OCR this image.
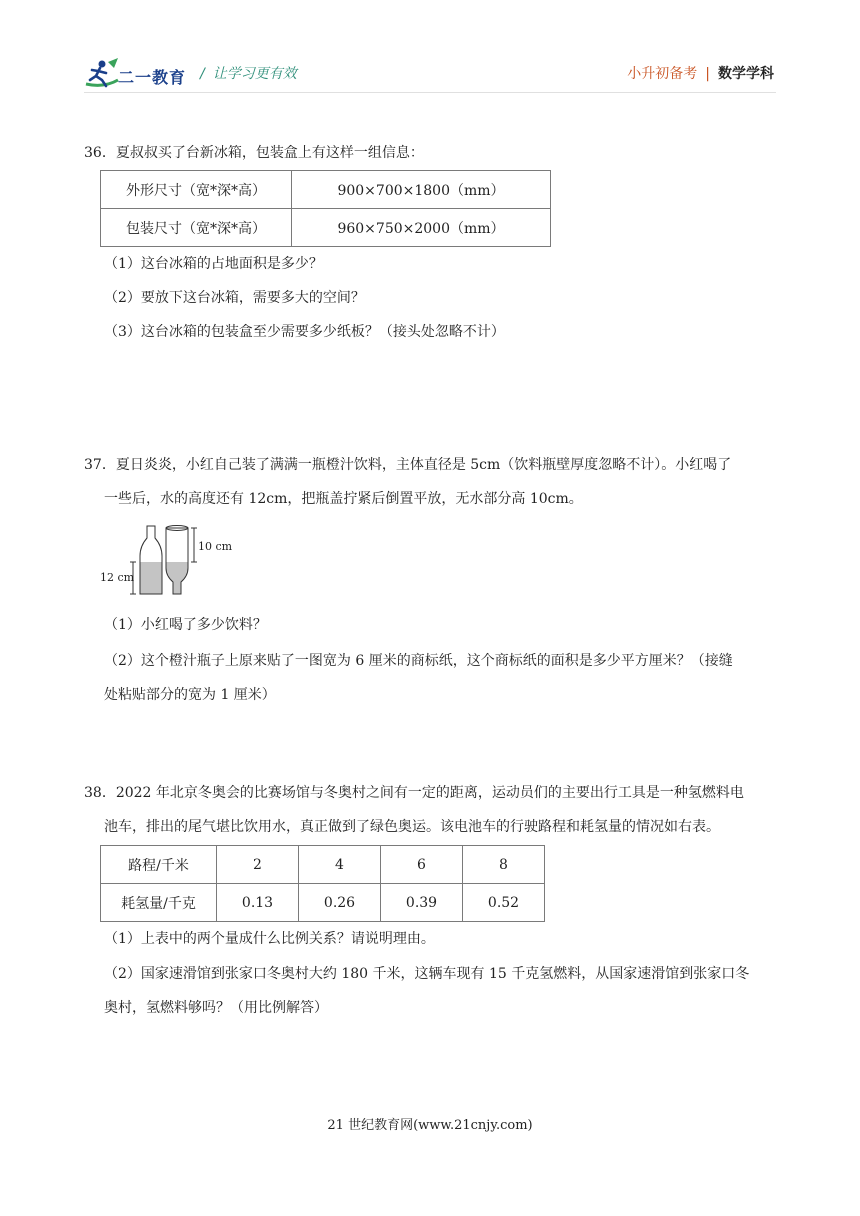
二一教育 / 让学习更有效	小升初备考 | 数学学科
36．夏叔叔买了台新冰箱，包装盒上有这样一组信息：
外形尺寸（宽*深*高）	900×700×1800（mm）
包装尺寸（宽*深*高）	960×750×2000（mm）
（1）这台冰箱的占地面积是多少？
（2）要放下这台冰箱，需要多大的空间？
（3）这台冰箱的包装盒至少需要多少纸板？（接头处忽略不计）
37．夏日炎炎，小红自己装了满满一瓶橙汁饮料，主体直径是 5cm（饮料瓶壁厚度忽略不计）。小红喝了
一些后，水的高度还有 12cm，把瓶盖拧紧后倒置平放，无水部分高 10cm。
12 cm
10 cm
（1）小红喝了多少饮料？
（2）这个橙汁瓶子上原来贴了一图宽为 6 厘米的商标纸，这个商标纸的面积是多少平方厘米？（接缝
处粘贴部分的宽为 1 厘米）
38．2022 年北京冬奥会的比赛场馆与冬奥村之间有一定的距离，运动员们的主要出行工具是一种氢燃料电
池车，排出的尾气堪比饮用水，真正做到了绿色奥运。该电池车的行驶路程和耗氢量的情况如右表。
路程/千米	2	4	6	8
耗氢量/千克	0.13	0.26	0.39	0.52
（1）上表中的两个量成什么比例关系？请说明理由。
（2）国家速滑馆到张家口冬奥村大约 180 千米，这辆车现有 15 千克氢燃料，从国家速滑馆到张家口冬
奥村，氢燃料够吗？（用比例解答）
21 世纪教育网(www.21cnjy.com)
